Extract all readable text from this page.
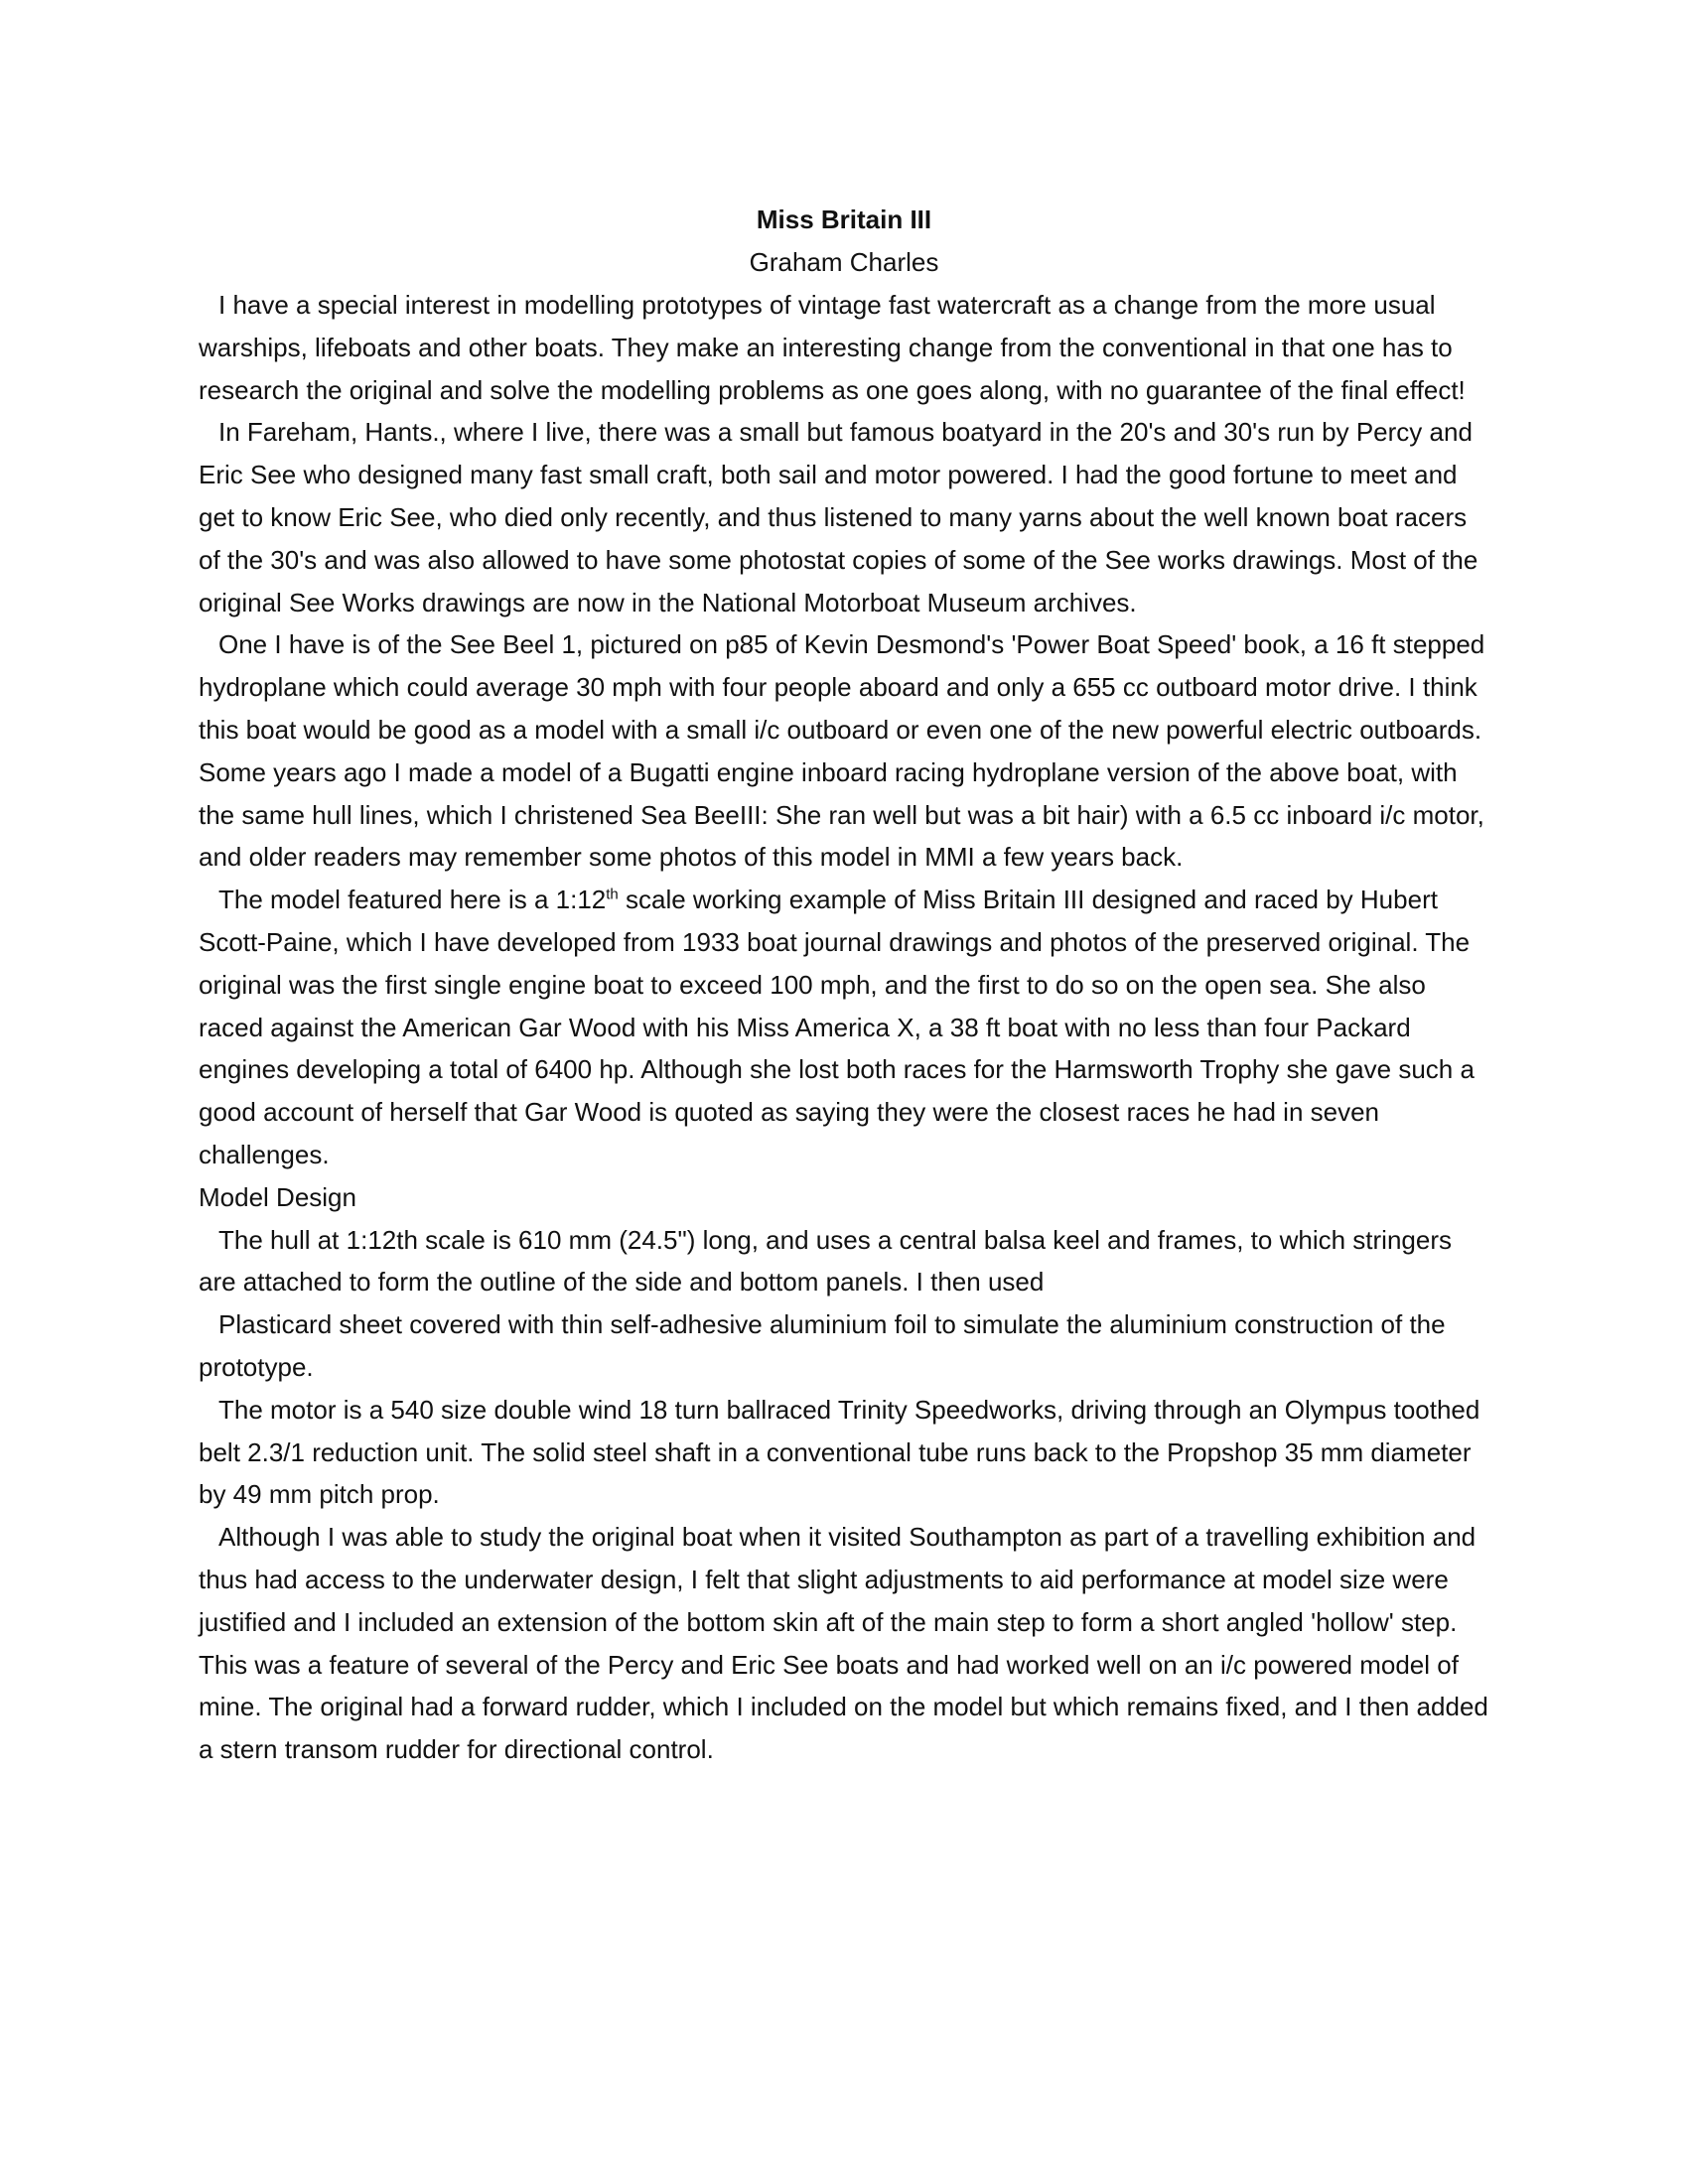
Miss Britain III

Graham Charles

I have a special interest in modelling prototypes of vintage fast watercraft as a change from the more usual warships, lifeboats and other boats. They make an interesting change from the conventional in that one has to research the original and solve the modelling problems as one goes along, with no guarantee of the final effect!

In Fareham, Hants., where I live, there was a small but famous boatyard in the 20's and 30's run by Percy and Eric See who designed many fast small craft, both sail and motor powered. I had the good fortune to meet and get to know Eric See, who died only recently, and thus listened to many yarns about the well known boat racers of the 30's and was also allowed to have some photostat copies of some of the See works drawings. Most of the original See Works drawings are now in the National Motorboat Museum archives.

One I have is of the See Beel 1, pictured on p85 of Kevin Desmond's 'Power Boat Speed' book, a 16 ft stepped hydroplane which could average 30 mph with four people aboard and only a 655 cc outboard motor drive. I think this boat would be good as a model with a small i/c outboard or even one of the new powerful electric outboards. Some years ago I made a model of a Bugatti engine inboard racing hydroplane version of the above boat, with the same hull lines, which I christened Sea BeeIII: She ran well but was a bit hair) with a 6.5 cc inboard i/c motor, and older readers may remember some photos of this model in MMI a few years back.

The model featured here is a 1:12th scale working example of Miss Britain III designed and raced by Hubert Scott-Paine, which I have developed from 1933 boat journal drawings and photos of the preserved original. The original was the first single engine boat to exceed 100 mph, and the first to do so on the open sea. She also raced against the American Gar Wood with his Miss America X, a 38 ft boat with no less than four Packard engines developing a total of 6400 hp. Although she lost both races for the Harmsworth Trophy she gave such a good account of herself that Gar Wood is quoted as saying they were the closest races he had in seven challenges.

Model Design

The hull at 1:12th scale is 610 mm (24.5") long, and uses a central balsa keel and frames, to which stringers are attached to form the outline of the side and bottom panels. I then used

Plasticard sheet covered with thin self-adhesive aluminium foil to simulate the aluminium construction of the prototype.

The motor is a 540 size double wind 18 turn ballraced Trinity Speedworks, driving through an Olympus toothed belt 2.3/1 reduction unit. The solid steel shaft in a conventional tube runs back to the Propshop 35 mm diameter by 49 mm pitch prop.

Although I was able to study the original boat when it visited Southampton as part of a travelling exhibition and thus had access to the underwater design, I felt that slight adjustments to aid performance at model size were justified and I included an extension of the bottom skin aft of the main step to form a short angled 'hollow' step. This was a feature of several of the Percy and Eric See boats and had worked well on an i/c powered model of mine. The original had a forward rudder, which I included on the model but which remains fixed, and I then added a stern transom rudder for directional control.
